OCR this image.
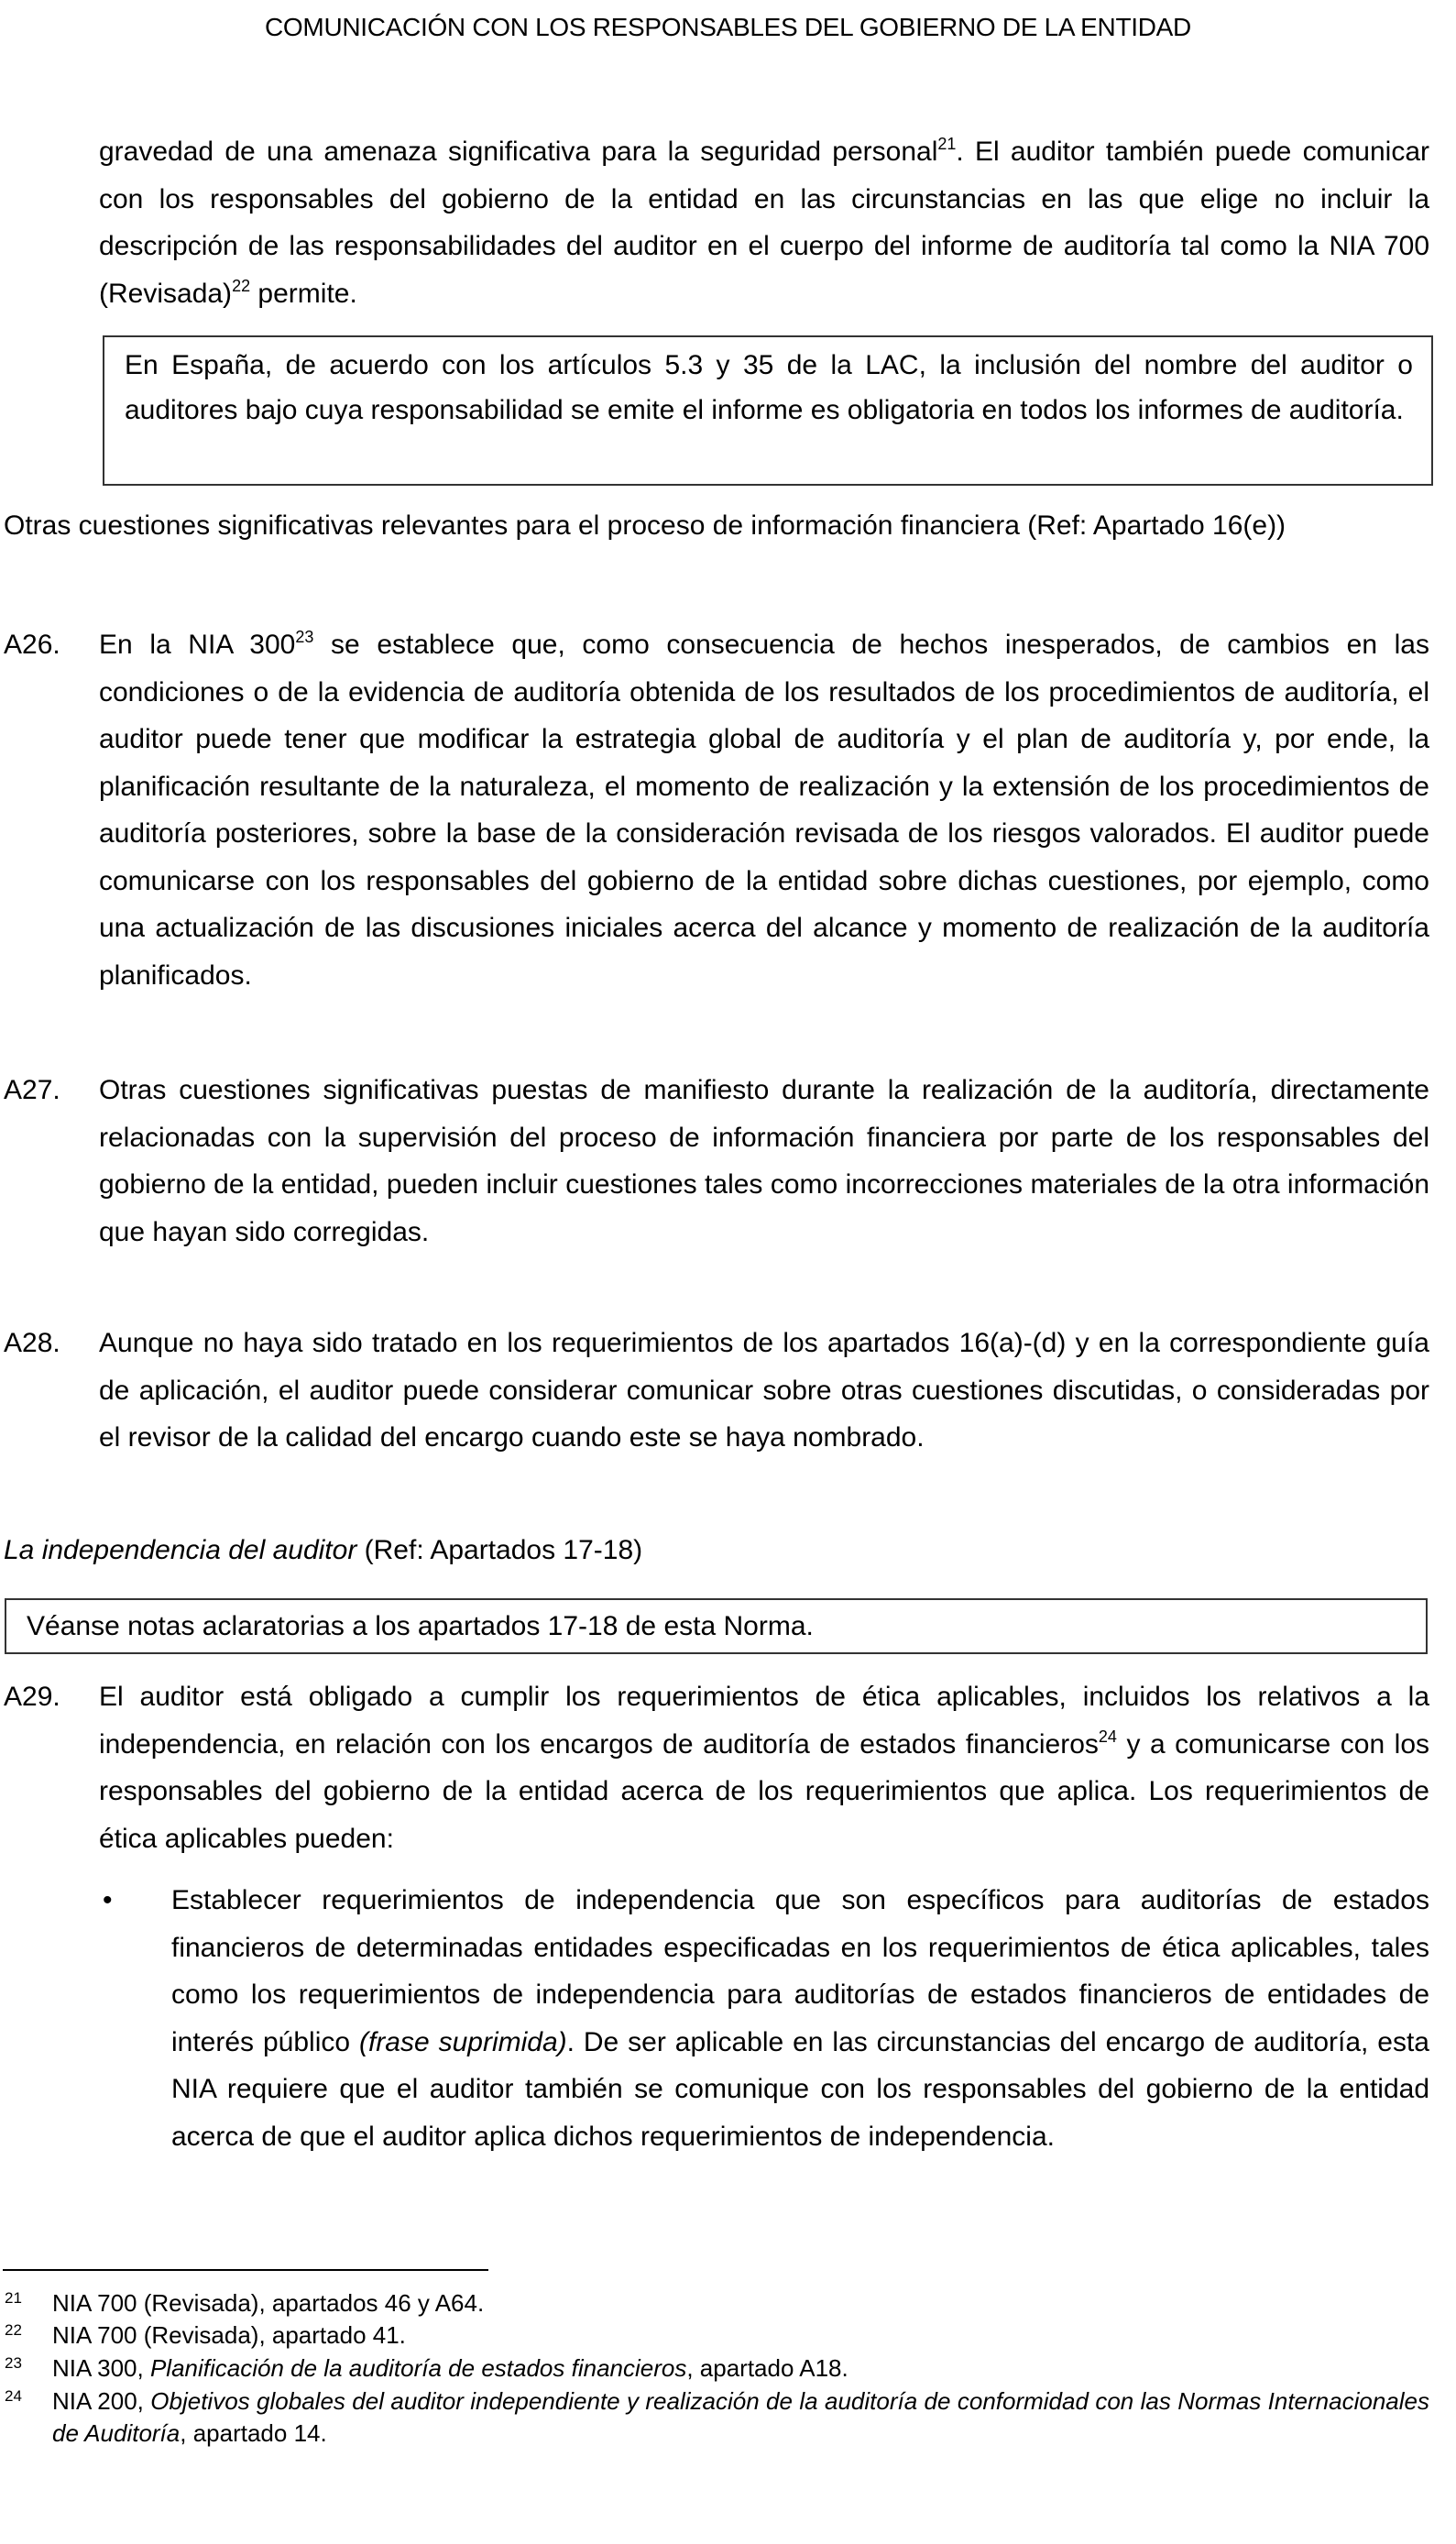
COMUNICACIÓN CON LOS RESPONSABLES DEL GOBIERNO DE LA ENTIDAD
gravedad de una amenaza significativa para la seguridad personal$^{21}$. El auditor también puede comunicar con los responsables del gobierno de la entidad en las circunstancias en las que elige no incluir la descripción de las responsabilidades del auditor en el cuerpo del informe de auditoría tal como la NIA 700 (Revisada)$^{22}$ permite.
En España, de acuerdo con los artículos 5.3 y 35 de la LAC, la inclusión del nombre del auditor o auditores bajo cuya responsabilidad se emite el informe es obligatoria en todos los informes de auditoría.
Otras cuestiones significativas relevantes para el proceso de información financiera (Ref: Apartado 16(e))
A26. En la NIA $300^{23}$ se establece que, como consecuencia de hechos inesperados, de cambios en las condiciones o de la evidencia de auditoría obtenida de los resultados de los procedimientos de auditoría, el auditor puede tener que modificar la estrategia global de auditoría y el plan de auditoría y, por ende, la planificación resultante de la naturaleza, el momento de realización y la extensión de los procedimientos de auditoría posteriores, sobre la base de la consideración revisada de los riesgos valorados. El auditor puede comunicarse con los responsables del gobierno de la entidad sobre dichas cuestiones, por ejemplo, como una actualización de las discusiones iniciales acerca del alcance y momento de realización de la auditoría planificados.
A27. Otras cuestiones significativas puestas de manifiesto durante la realización de la auditoría, directamente relacionadas con la supervisión del proceso de información financiera por parte de los responsables del gobierno de la entidad, pueden incluir cuestiones tales como incorrecciones materiales de la otra información que hayan sido corregidas.
A28. Aunque no haya sido tratado en los requerimientos de los apartados 16(a)-(d) y en la correspondiente guía de aplicación, el auditor puede considerar comunicar sobre otras cuestiones discutidas, o consideradas por el revisor de la calidad del encargo cuando este se haya nombrado.
La independencia del auditor (Ref: Apartados 17-18)
Véanse notas aclaratorias a los apartados 17-18 de esta Norma.
A29. El auditor está obligado a cumplir los requerimientos de ética aplicables, incluidos los relativos a la independencia, en relación con los encargos de auditoría de estados financieros$^{24}$ y a comunicarse con los responsables del gobierno de la entidad acerca de los requerimientos que aplica. Los requerimientos de ética aplicables pueden:
• Establecer requerimientos de independencia que son específicos para auditorías de estados financieros de determinadas entidades especificadas en los requerimientos de ética aplicables, tales como los requerimientos de independencia para auditorías de estados financieros de entidades de interés público (frase suprimida). De ser aplicable en las circunstancias del encargo de auditoría, esta NIA requiere que el auditor también se comunique con los responsables del gobierno de la entidad acerca de que el auditor aplica dichos requerimientos de independencia.
21 NIA 700 (Revisada), apartados 46 y A64.
22 NIA 700 (Revisada), apartado 41.
23 NIA 300, Planificación de la auditoría de estados financieros, apartado A18.
24 NIA 200, Objetivos globales del auditor independiente y realización de la auditoría de conformidad con las Normas Internacionales de Auditoría, apartado 14.
